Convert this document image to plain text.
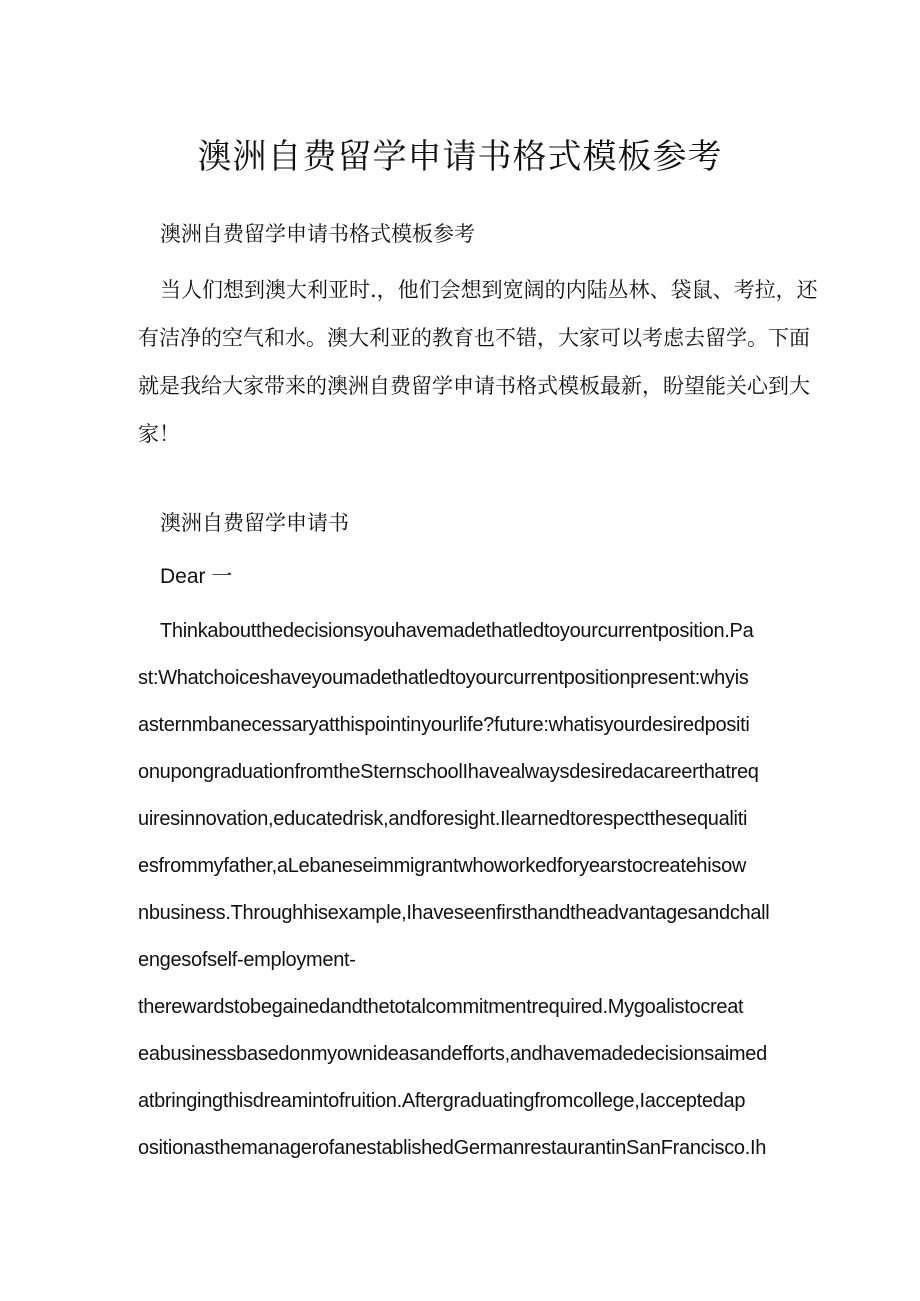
澳洲自费留学申请书格式模板参考
澳洲自费留学申请书格式模板参考
当人们想到澳大利亚时.，他们会想到宽阔的内陆丛林、袋鼠、考拉，还
有洁净的空气和水。澳大利亚的教育也不错，大家可以考虑去留学。下面
就是我给大家带来的澳洲自费留学申请书格式模板最新，盼望能关心到大
家！
澳洲自费留学申请书
Dear 一
Thinkaboutthedecisionsyouhavemadethatledtoyourcurrentposition.Pa
st:Whatchoiceshaveyoumadethatledtoyourcurrentpositionpresent:whyis
asternmbanecessaryatthispointinyourlife?future:whatisyourdesiredpositi
onupongraduationfromtheSternschoolIhavealwaysdesiredacareerthatreq
uiresinnovation,educatedrisk,andforesight.Ilearnedtorespectthesequaliti
esfrommyfather,aLebaneseimmigrantwhoworkedforyearstocreatehisow
nbusiness.Throughhisexample,Ihaveseenfirsthandtheadvantagesandchall
engesofself-employment-
therewardstobegainedandthetotalcommitmentrequired.Mygoalistocreat
eabusinessbasedonmyownideasandefforts,andhavemadedecisionsaimed
atbringingthisdreamintofruition.Aftergraduatingfromcollege,Iacceptedap
ositionasthemanagerofanestablishedGermanrestaurantinSanFrancisco.Ih
